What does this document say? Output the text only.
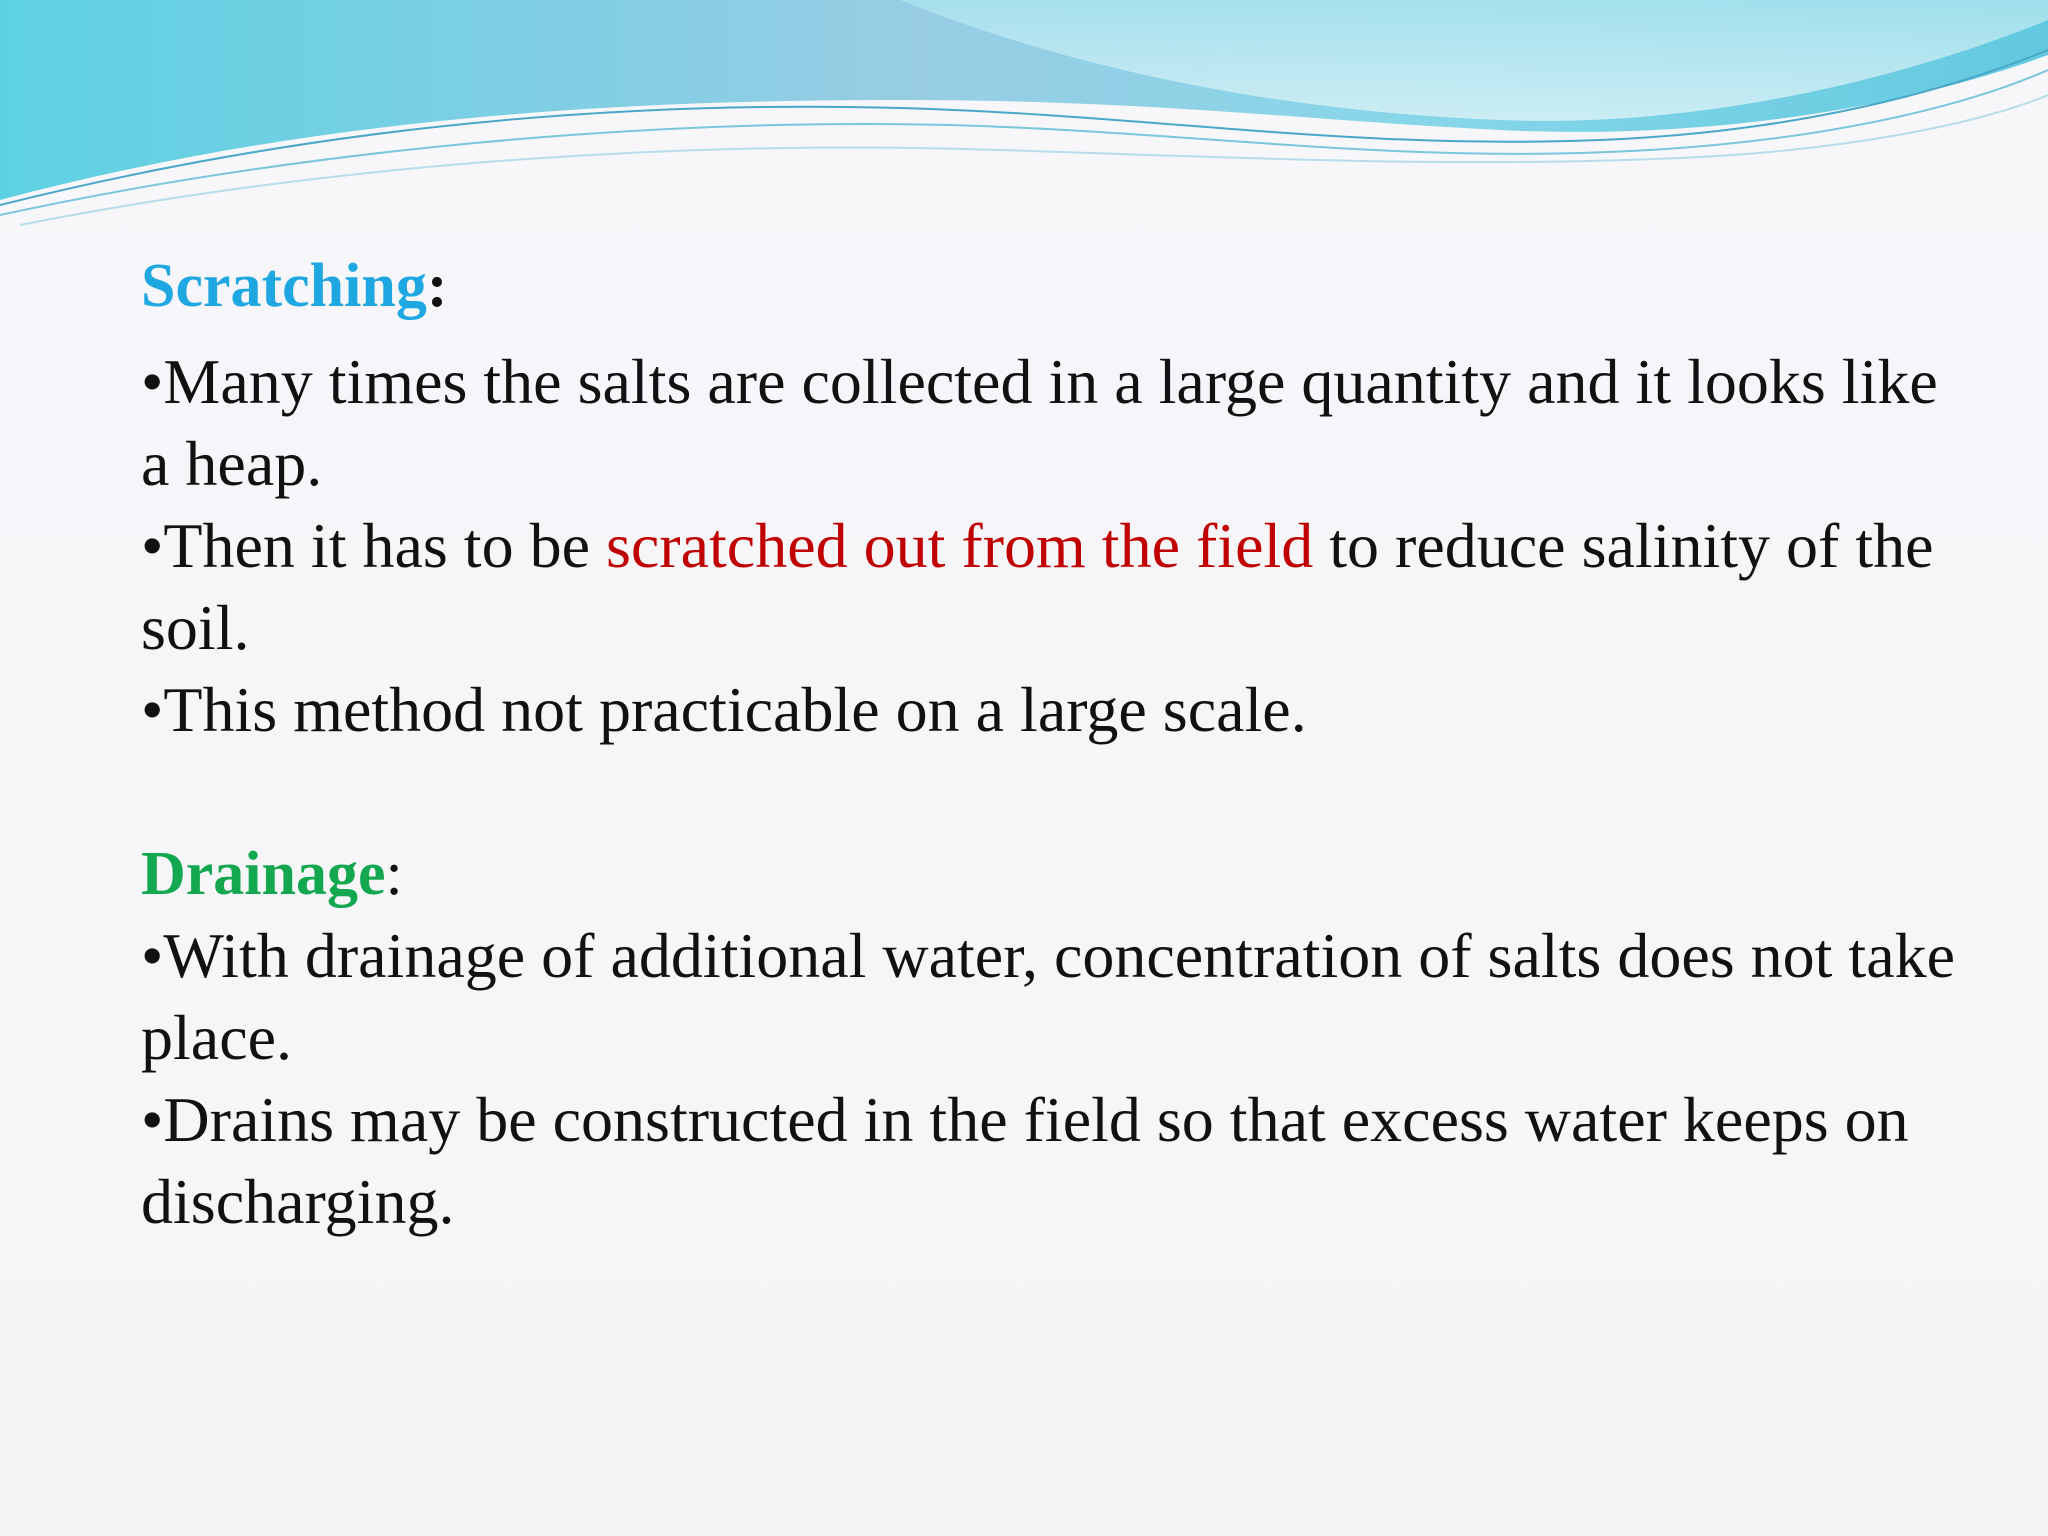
Scratching:

•Many times the salts are collected in a large quantity and it looks like a heap.
•Then it has to be scratched out from the field to reduce salinity of the soil.
•This method not practicable on a large scale.

Drainage:

•With drainage of additional water, concentration of salts does not take place.
•Drains may be constructed in the field so that excess water keeps on discharging.
